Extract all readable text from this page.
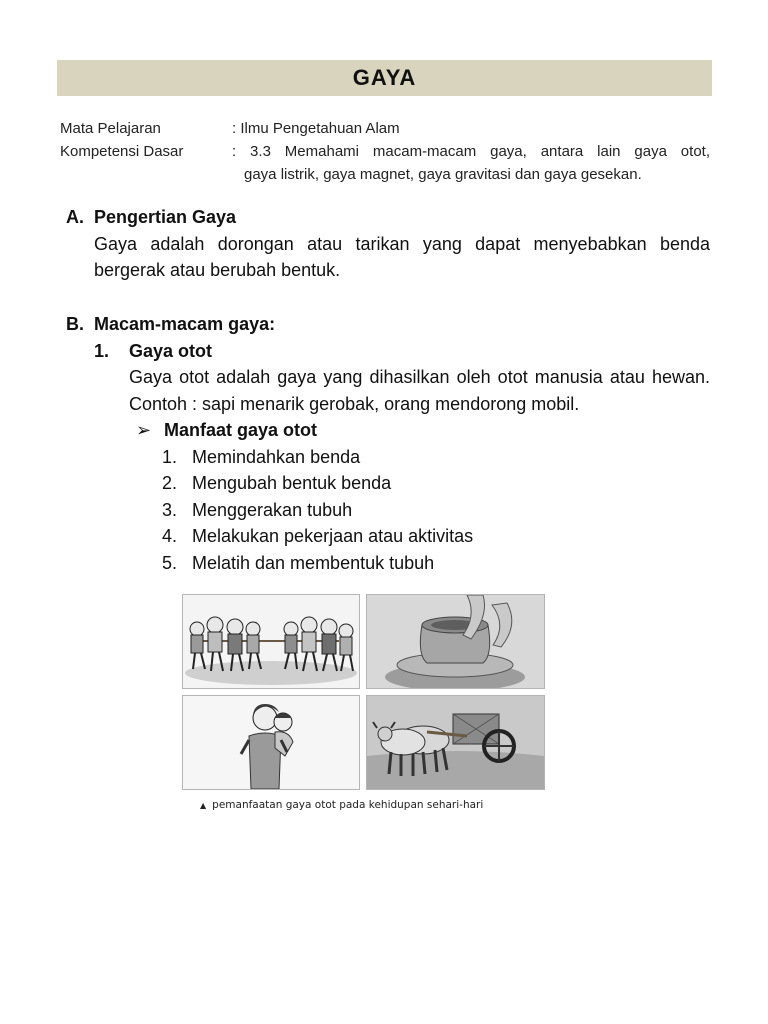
GAYA
Mata Pelajaran	: Ilmu Pengetahuan Alam
Kompetensi Dasar	: 3.3 Memahami macam-macam gaya, antara lain gaya otot,
gaya listrik, gaya magnet, gaya gravitasi dan gaya gesekan.
A. Pengertian Gaya
Gaya adalah dorongan atau tarikan yang dapat menyebabkan benda bergerak atau berubah bentuk.
B. Macam-macam gaya:
1.	Gaya otot
Gaya otot adalah gaya yang dihasilkan oleh otot manusia atau hewan. Contoh : sapi menarik gerobak, orang mendorong mobil.
➢ Manfaat gaya otot
1. Memindahkan benda
2. Mengubah bentuk benda
3. Menggerakan tubuh
4. Melakukan pekerjaan atau aktivitas
5. Melatih dan membentuk tubuh
▲ pemanfaatan gaya otot pada kehidupan sehari-hari
